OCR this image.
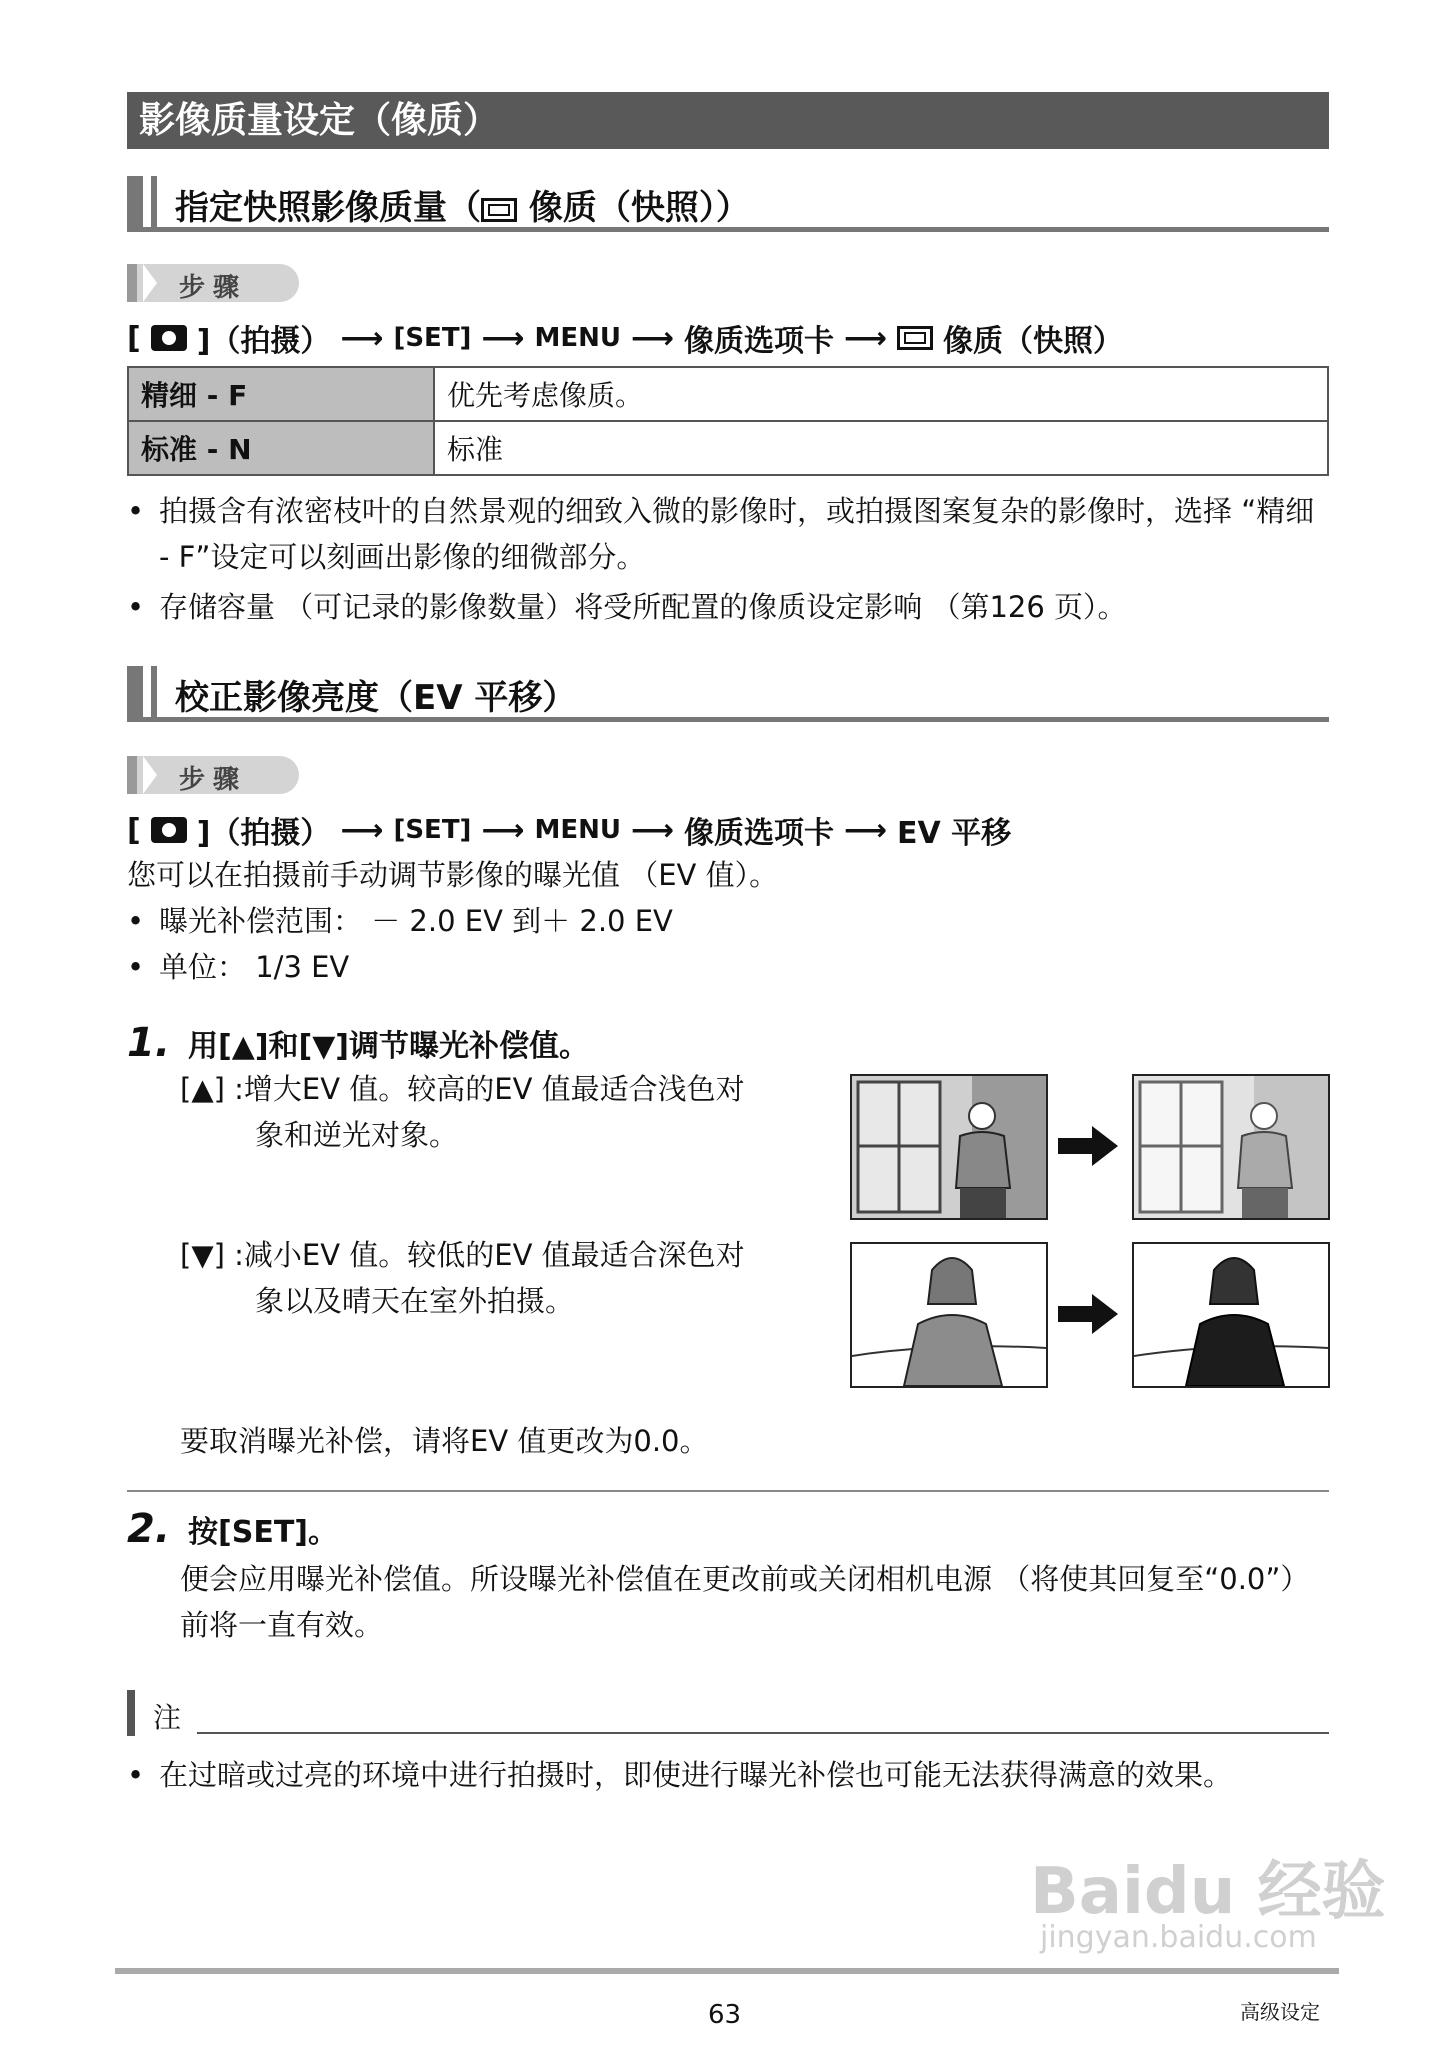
影像质量设定（像质）
指定快照影像质量（ 像质（快照））
步骤
[ ]（拍摄） ⟶ [SET] ⟶ MENU ⟶ 像质选项卡 ⟶ 像质（快照）
精细 - F	优先考虑像质。
标准 - N	标准
• 拍摄含有浓密枝叶的自然景观的细致入微的影像时，或拍摄图案复杂的影像时，选择 “精细 - F”设定可以刻画出影像的细微部分。
• 存储容量 （可记录的影像数量）将受所配置的像质设定影响 （第126 页）。
校正影像亮度（EV 平移）
步骤
[ ]（拍摄） ⟶ [SET] ⟶ MENU ⟶ 像质选项卡 ⟶ EV 平移
您可以在拍摄前手动调节影像的曝光值 （EV 值）。
• 曝光补偿范围： － 2.0 EV 到＋ 2.0 EV
• 单位： 1/3 EV
1. 用[▲]和[▼]调节曝光补偿值。
[▲] :增大EV 值。较高的EV 值最适合浅色对
象和逆光对象。
[▼] :减小EV 值。较低的EV 值最适合深色对
象以及晴天在室外拍摄。
要取消曝光补偿，请将EV 值更改为0.0。
2. 按[SET]。
便会应用曝光补偿值。所设曝光补偿值在更改前或关闭相机电源 （将使其回复至“0.0”）前将一直有效。
注
• 在过暗或过亮的环境中进行拍摄时，即使进行曝光补偿也可能无法获得满意的效果。
Baidu 经验
jingyan.baidu.com
63	高级设定
